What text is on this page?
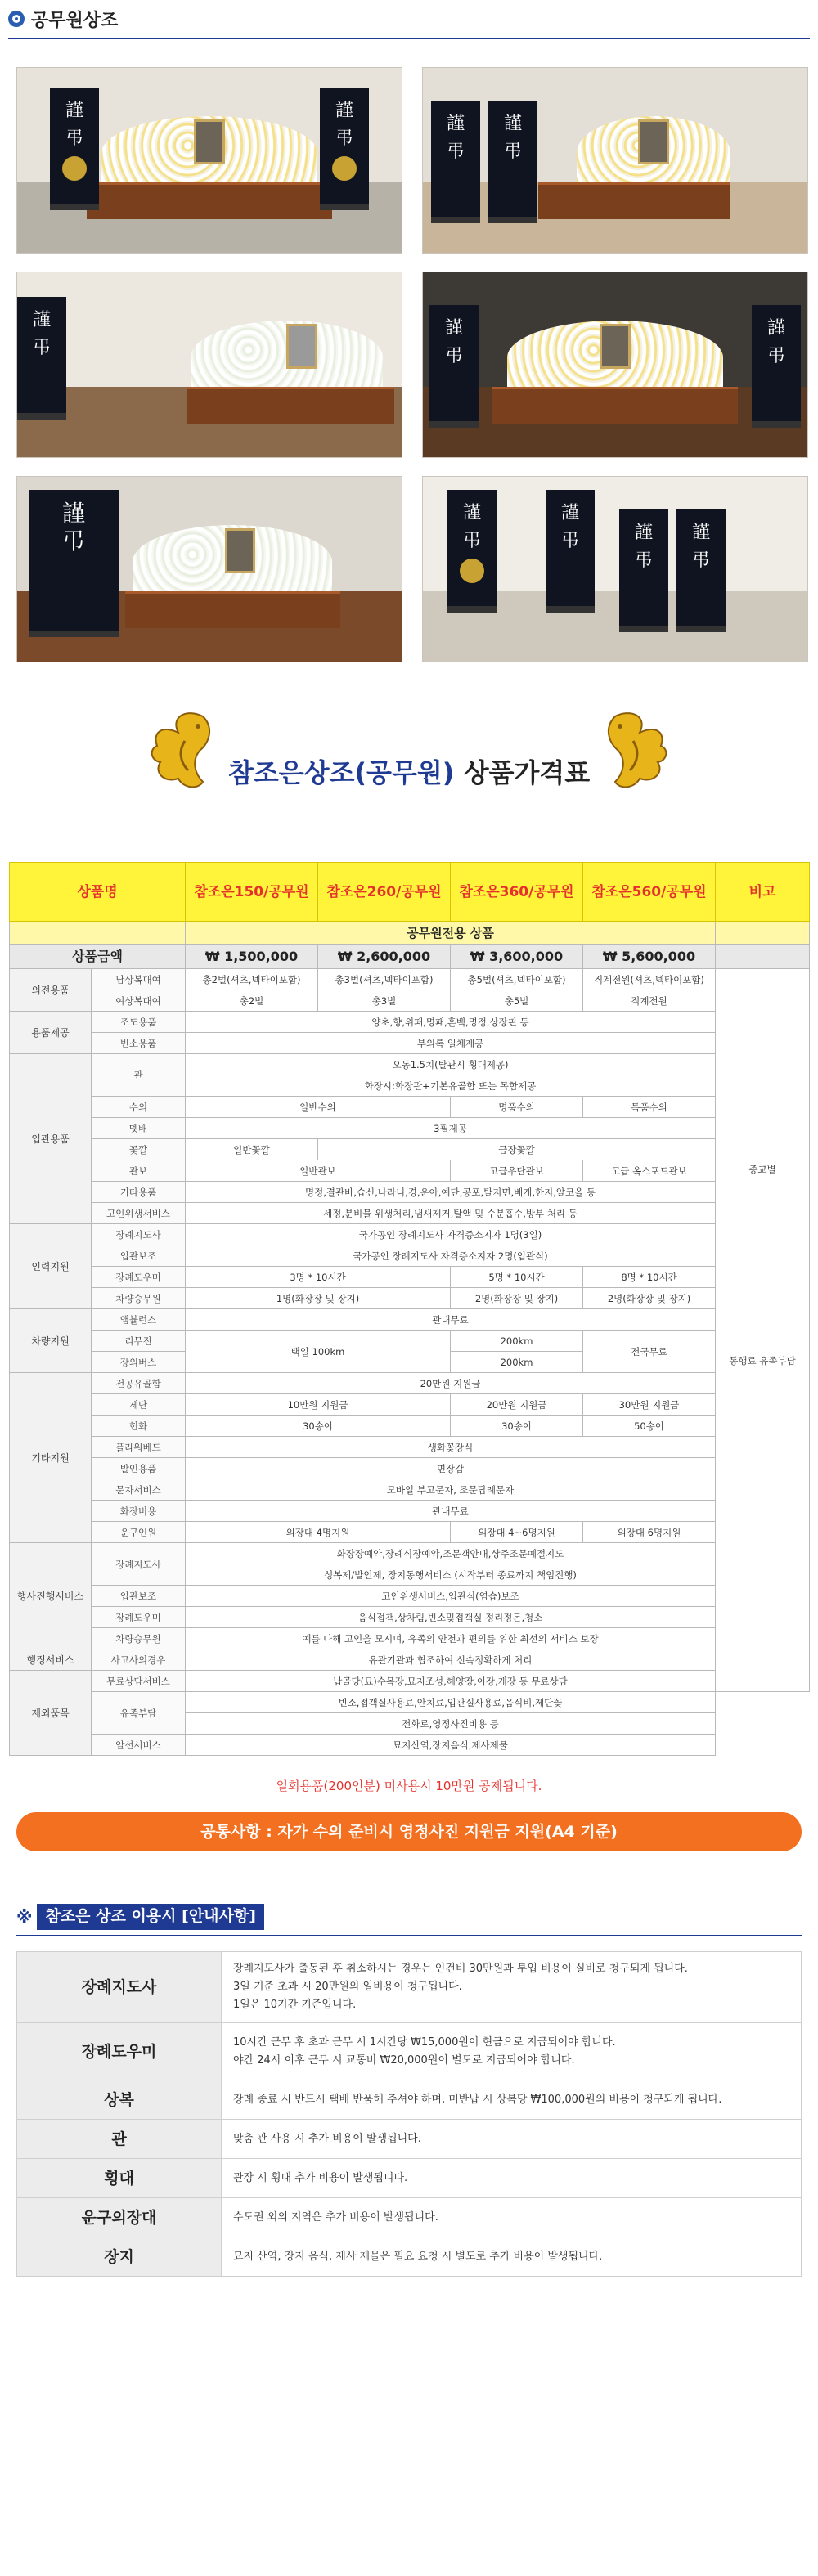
공무원상조
謹
弔
謹
弔
謹
弔
謹
弔
謹
弔
謹
弔
謹
弔
謹
弔
謹
弔
謹
弔	謹
弔
謹
弔
참조은상조(공무원) 상품가격표
상품명		참조은150/공무원	참조은260/공무원	참조은360/공무원	참조은560/공무원	비고
		공무원전용 상품				
상품금액		₩ 1,500,000	₩ 2,600,000	₩ 3,600,000	₩ 5,600,000	
의전용품	남상복대여	총2벌(셔츠,넥타이포함)	총3벌(셔츠,넥타이포함)	총5벌(셔츠,넥타이포함)	직계전원(셔츠,넥타이포함)	종교별
통행료 유족부담

	여상복대여	총2벌	총3벌	총5벌	직계전원	
용품제공	조도용품	양초,향,위패,명패,혼백,명정,상장핀 등				
	빈소용품	부의록 일체제공				
입관용품	관	오동1.5치(탈관시 횡대제공)				
		화장시:화장관+기본유골함 또는 목함제공				
	수의	일반수의		명품수의	특품수의	
	멧배	3필제공				
	꽃깔	일반꽃깔	금장꽃깔			
	관보	일반관보		고급우단관보	고급 옥스포드관보	
	기타용품	명정,결관바,습신,나라니,경,운아,예단,공포,탈지면,베개,한지,알코올 등				
	고인위생서비스	세정,분비물 위생처리,냄새제거,탈액 및 수분흡수,방부 처리 등				
인력지원	장례지도사	국가공인 장례지도사 자격증소지자 1명(3일)				
	입관보조	국가공인 장례지도사 자격증소지자 2명(입관식)				
	장례도우미	3명 * 10시간		5명 * 10시간	8명 * 10시간	
	차량승무원	1명(화장장 및 장지)		2명(화장장 및 장지)	2명(화장장 및 장지)	
차량지원	앰뷸런스	관내무료				
	리무진	택일 100km		200km	전국무료	
	장의버스			200km		
기타지원	전공유골함	20만원 지원금				
	제단	10만원 지원금		20만원 지원금	30만원 지원금	
	헌화	30송이		30송이	50송이	
	플라워베드	생화꽃장식				
	발인용품	면장갑				
	문자서비스	모바일 부고문자, 조문답례문자				
	화장비용	관내무료				
	운구인원	의장대 4명지원		의장대 4~6명지원	의장대 6명지원	
행사진행서비스	장례지도사	화장장예약,장례식장예약,조문객안내,상주조문예절지도				
		성복제/발인제, 장지동행서비스 (시작부터 종료까지 책임진행)				
	입관보조	고인위생서비스,입관식(염습)보조				
	장례도우미	음식접객,상차림,빈소및접객실 정리정돈,청소				
	차량승무원	예를 다해 고인을 모시며, 유족의 안전과 편의를 위한 최선의 서비스 보장				
행정서비스	사고사의경우	유관기관과 협조하여 신속정확하게 처리				
제외품목	무료상담서비스	납골당(묘)수목장,묘지조성,해양장,이장,개장 등 무료상담				
	유족부담	빈소,접객실사용료,안치료,입관실사용료,음식비,제단꽃				
		전화로,영정사진비용 등				
	알선서비스	묘지산역,장지음식,제사제물				
일회용품(200인분) 미사용시 10만원 공제됩니다.
공통사항 : 자가 수의 준비시 영정사진 지원금 지원(A4 기준)
※ 참조은 상조 이용시 [안내사항]
장례지도사	장례지도사가 출동된 후 취소하시는 경우는 인건비 30만원과 투입 비용이 실비로 청구되게 됩니다.
3일 기준 초과 시 20만원의 일비용이 청구됩니다.
1일은 10기간 기준입니다.

장례도우미	10시간 근무 후 초과 근무 시 1시간당 ₩15,000원이 현금으로 지급되어야 합니다.
야간 24시 이후 근무 시 교통비 ₩20,000원이 별도로 지급되어야 합니다.

상복	장례 종료 시 반드시 택배 반품해 주셔야 하며, 미반납 시 상복당 ₩100,000원의 비용이 청구되게 됩니다.

관	맞춤 관 사용 시 추가 비용이 발생됩니다.

횡대	관장 시 횡대 추가 비용이 발생됩니다.

운구의장대	수도권 외의 지역은 추가 비용이 발생됩니다.

장지	묘지 산역, 장지 음식, 제사 제물은 필요 요청 시 별도로 추가 비용이 발생됩니다.
